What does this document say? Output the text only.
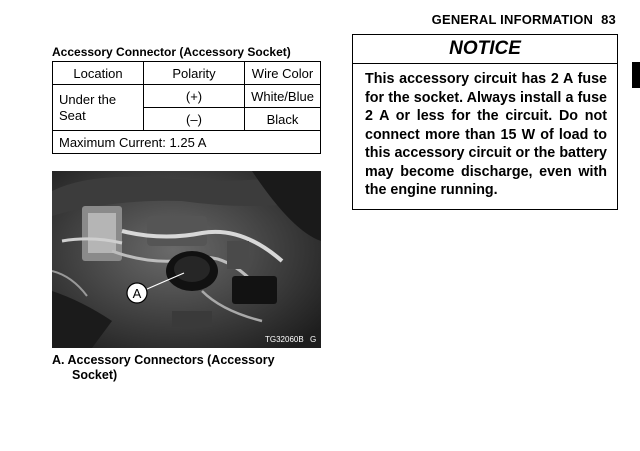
GENERAL INFORMATION 83
Accessory Connector (Accessory Socket)
Location	Polarity	Wire Color
Under the Seat	(+)	White/Blue
	(–)	Black
Maximum Current: 1.25 A		
A
TG32060B G
A. Accessory Connectors (Accessory
Socket)
NOTICE
This accessory circuit has 2 A fuse for the socket. Always install a fuse 2 A or less for the circuit. Do not connect more than 15 W of load to this accessory circuit or the battery may become discharge, even with the engine running.
